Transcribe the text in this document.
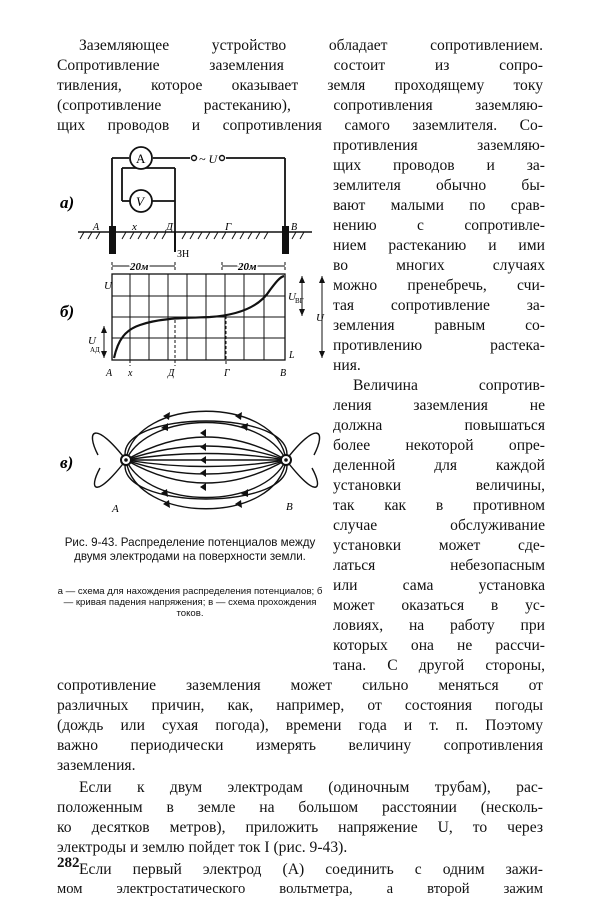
Заземляющее устройство обладает сопротивлением.
Сопротивление заземления состоит из сопро-
тивления, которое оказывает земля проходящему току
(сопротивление растеканию), сопротивления заземляю-
щих проводов и сопротивления самого заземлителя. Со-
противления заземляю-
щих проводов и за-
землителя обычно бы-
вают малыми по срав-
нению с сопротивле-
нием растеканию и ими
во многих случаях
можно пренебречь, счи-
тая сопротивление за-
земления равным со-
противлению растека-
ния.
Величина сопротив-
ления заземления не
должна повышаться
более некоторой опре-
деленной для каждой
установки величины,
так как в противном
случае обслуживание
установки может сде-
латься небезопасным
или сама установка
может оказаться в ус-
ловиях, на работу при
которых она не рассчи-
тана. С другой стороны,
сопротивление заземления может сильно меняться от
различных причин, как, например, от состояния погоды
(дождь или сухая погода), времени года и т. п. Поэтому
важно периодически измерять величину сопротивления
заземления.
Если к двум электродам (одиночным трубам), рас-
положенным в земле на большом расстоянии (несколь-
ко десятков метров), приложить напряжение U, то через
электроды и землю пойдет ток I (рис. 9-43).
Если первый электрод (A) соединить с одним зажи-
мом электростатического вольтметра, а второй зажим
а)
A
V
~ U
А	х	Д	Г	В
ЗН
20м	20м
б)
U
U ВГ
U
U
АД	L
А х	Д	Г	В
в)
А	В
Рис. 9-43. Распределение потенциалов между двумя электродами на поверхности земли.
а — схема для нахождения распределения потенциалов; б — кривая падения напряжения; в — схема прохождения токов.
282
